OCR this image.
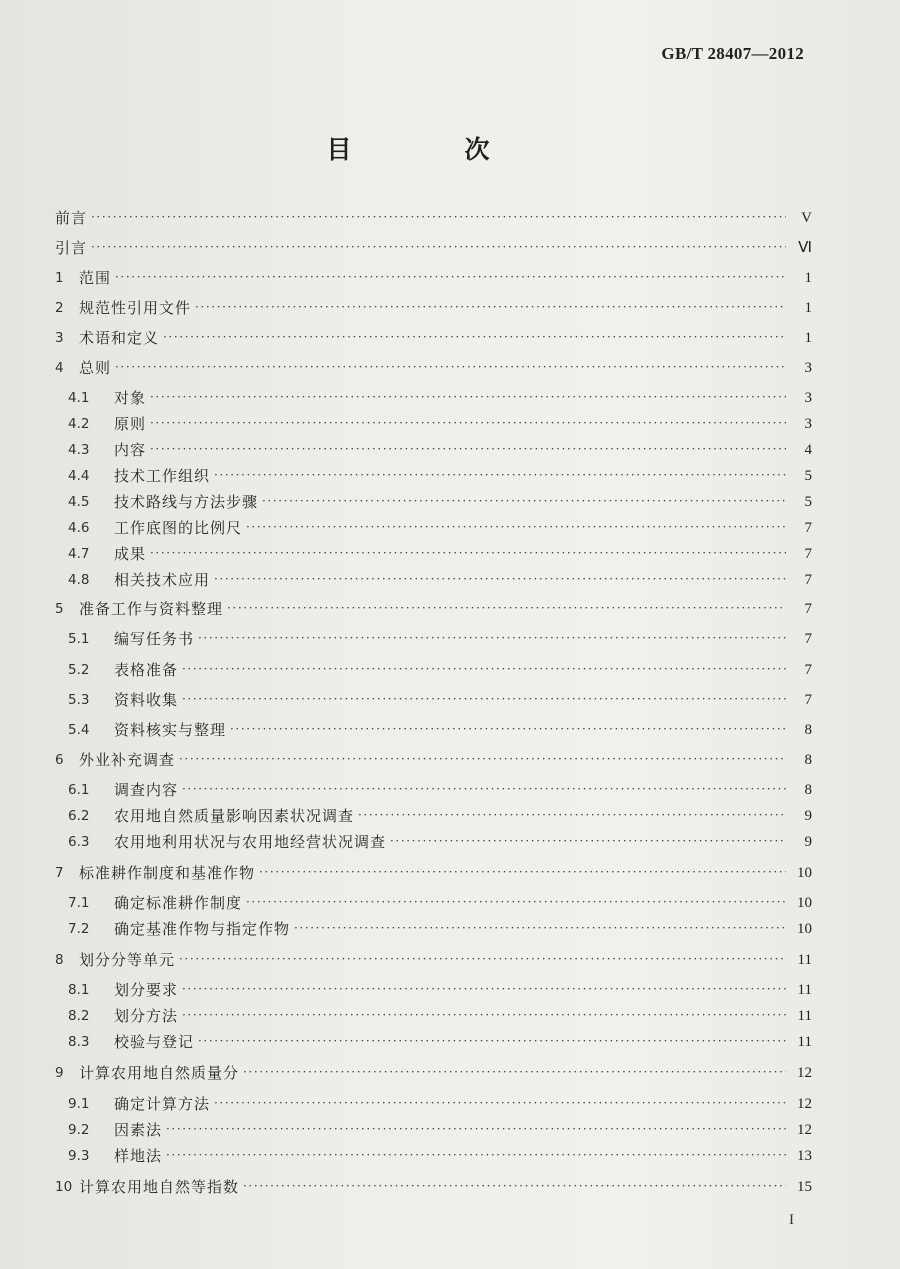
GB/T 28407—2012
目　次
前言 ·····	V
引言 ·····	Ⅵ
1	范围 ·····	1
2	规范性引用文件 ·····	1
3	术语和定义 ·····	1
4	总则 ·····	3
4.1	对象 ·····	3
4.2	原则 ·····	3
4.3	内容 ·····	4
4.4	技术工作组织 ·····	5
4.5	技术路线与方法步骤 ·····	5
4.6	工作底图的比例尺 ·····	7
4.7	成果 ·····	7
4.8	相关技术应用 ·····	7
5	准备工作与资料整理 ·····	7
5.1	编写任务书 ·····	7
5.2	表格准备 ·····	7
5.3	资料收集 ·····	7
5.4	资料核实与整理 ·····	8
6	外业补充调查 ·····	8
6.1	调查内容 ·····	8
6.2	农用地自然质量影响因素状况调查 ·····	9
6.3	农用地利用状况与农用地经营状况调查 ·····	9
7	标准耕作制度和基准作物 ·····	10
7.1	确定标准耕作制度 ·····	10
7.2	确定基准作物与指定作物 ·····	10
8	划分分等单元 ·····	11
8.1	划分要求 ·····	11
8.2	划分方法 ·····	11
8.3	校验与登记 ·····	11
9	计算农用地自然质量分 ·····	12
9.1	确定计算方法 ·····	12
9.2	因素法 ·····	12
9.3	样地法 ·····	13
10 计算农用地自然等指数 ·····	15
I
